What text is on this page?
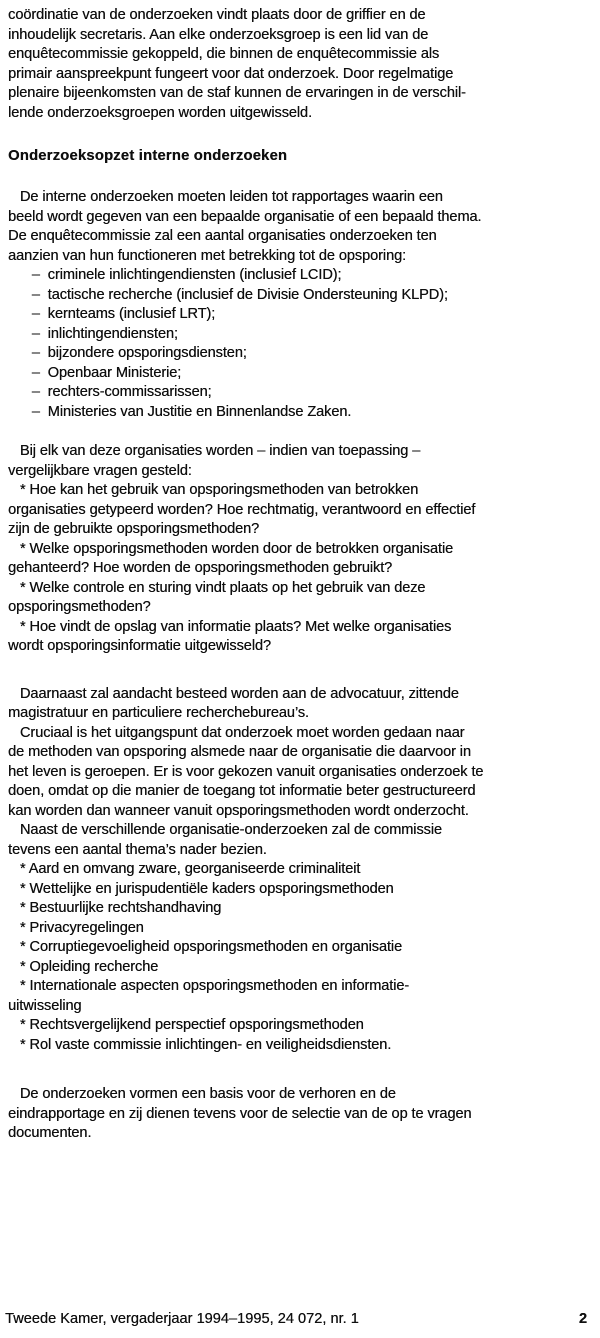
coördinatie van de onderzoeken vindt plaats door de griffier en de
inhoudelijk secretaris. Aan elke onderzoeksgroep is een lid van de
enquêtecommissie gekoppeld, die binnen de enquêtecommissie als
primair aanspreekpunt fungeert voor dat onderzoek. Door regelmatige
plenaire bijeenkomsten van de staf kunnen de ervaringen in de verschil-
lende onderzoeksgroepen worden uitgewisseld.
Onderzoeksopzet interne onderzoeken
De interne onderzoeken moeten leiden tot rapportages waarin een
beeld wordt gegeven van een bepaalde organisatie of een bepaald thema.
De enquêtecommissie zal een aantal organisaties onderzoeken ten
aanzien van hun functioneren met betrekking tot de opsporing:
–  criminele inlichtingendiensten (inclusief LCID);
–  tactische recherche (inclusief de Divisie Ondersteuning KLPD);
–  kernteams (inclusief LRT);
–  inlichtingendiensten;
–  bijzondere opsporingsdiensten;
–  Openbaar Ministerie;
–  rechters-commissarissen;
–  Ministeries van Justitie en Binnenlandse Zaken.
Bij elk van deze organisaties worden – indien van toepassing –
vergelijkbare vragen gesteld:
* Hoe kan het gebruik van opsporingsmethoden van betrokken
organisaties getypeerd worden? Hoe rechtmatig, verantwoord en effectief
zijn de gebruikte opsporingsmethoden?
* Welke opsporingsmethoden worden door de betrokken organisatie
gehanteerd? Hoe worden de opsporingsmethoden gebruikt?
* Welke controle en sturing vindt plaats op het gebruik van deze
opsporingsmethoden?
* Hoe vindt de opslag van informatie plaats? Met welke organisaties
wordt opsporingsinformatie uitgewisseld?
Daarnaast zal aandacht besteed worden aan de advocatuur, zittende
magistratuur en particuliere recherchebureau’s.
Cruciaal is het uitgangspunt dat onderzoek moet worden gedaan naar
de methoden van opsporing alsmede naar de organisatie die daarvoor in
het leven is geroepen. Er is voor gekozen vanuit organisaties onderzoek te
doen, omdat op die manier de toegang tot informatie beter gestructureerd
kan worden dan wanneer vanuit opsporingsmethoden wordt onderzocht.
Naast de verschillende organisatie-onderzoeken zal de commissie
tevens een aantal thema’s nader bezien.
* Aard en omvang zware, georganiseerde criminaliteit
* Wettelijke en jurispudentiële kaders opsporingsmethoden
* Bestuurlijke rechtshandhaving
* Privacyregelingen
* Corruptiegevoeligheid opsporingsmethoden en organisatie
* Opleiding recherche
* Internationale aspecten opsporingsmethoden en informatie-
uitwisseling
* Rechtsvergelijkend perspectief opsporingsmethoden
* Rol vaste commissie inlichtingen- en veiligheidsdiensten.
De onderzoeken vormen een basis voor de verhoren en de
eindrapportage en zij dienen tevens voor de selectie van de op te vragen
documenten.
Tweede Kamer, vergaderjaar 1994–1995, 24 072, nr. 1	2
